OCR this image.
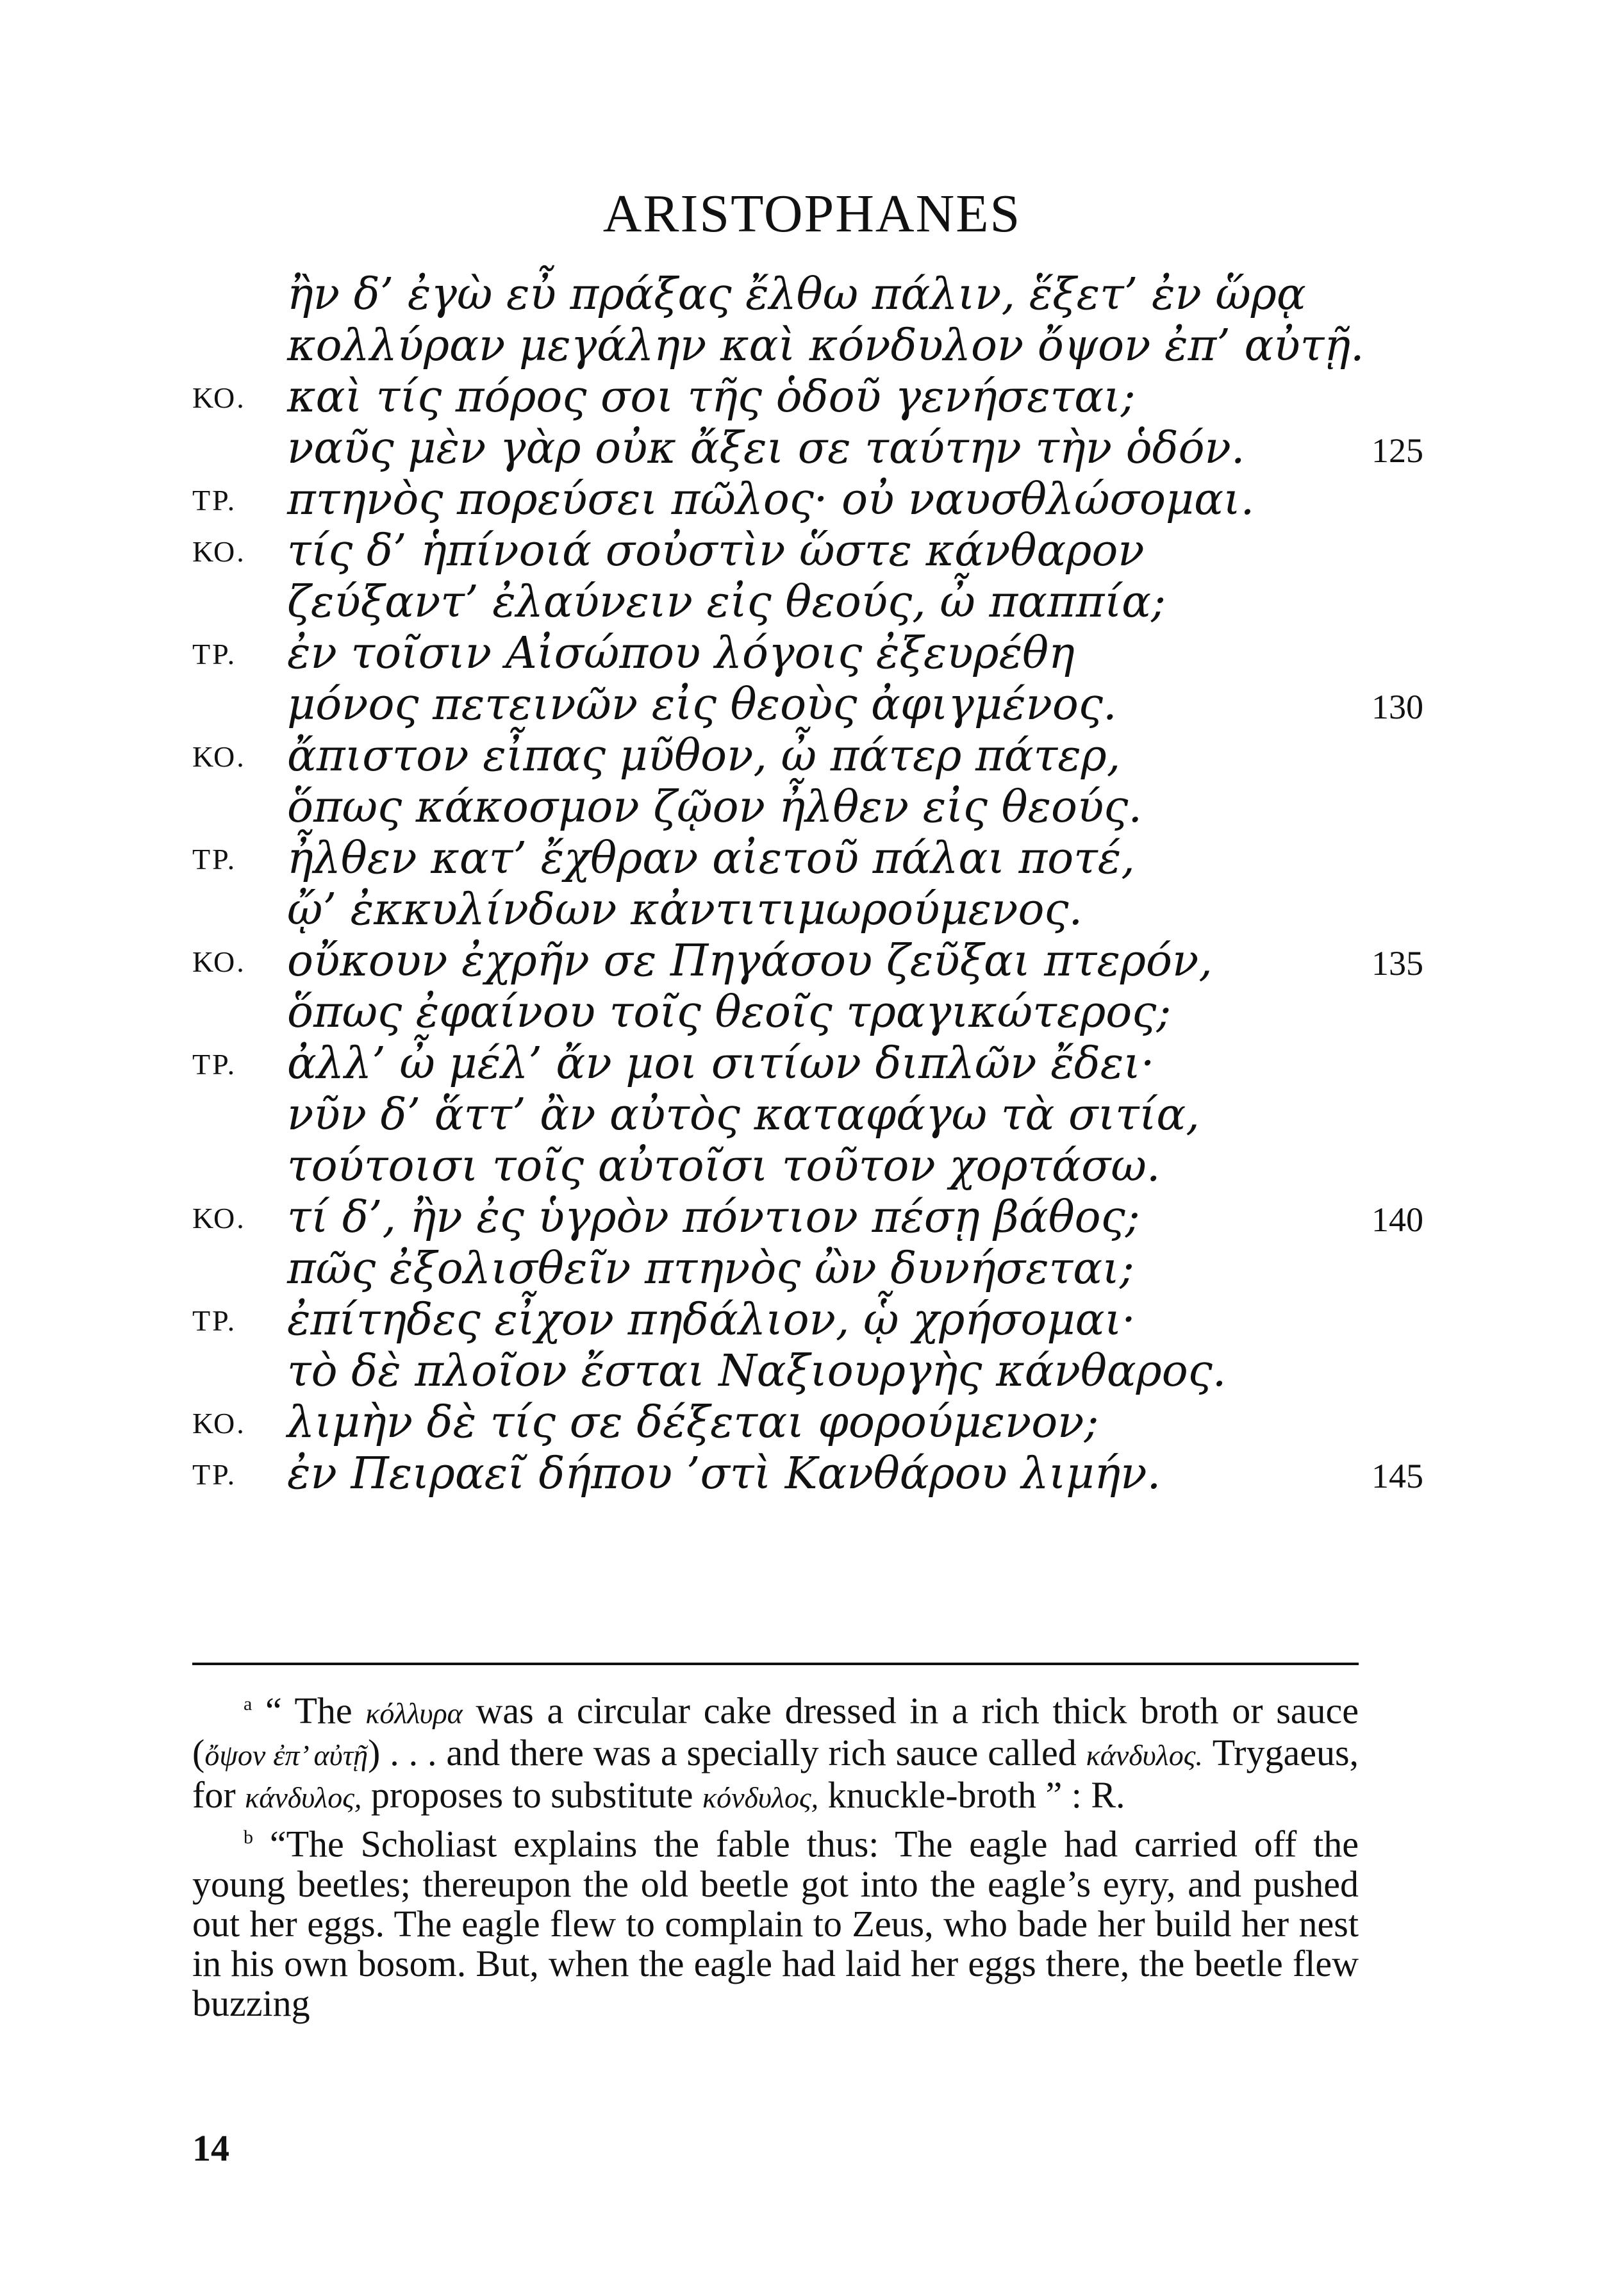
ARISTOPHANES
ἢν δ’ ἐγὼ εὖ πράξας ἔλθω πάλιν, ἕξετ’ ἐν ὥρᾳ
κολλύραν μεγάλην καὶ κόνδυλον ὄψον ἐπ’ αὐτῇ.
ΚΟ. καὶ τίς πόρος σοι τῆς ὁδοῦ γενήσεται;
ναῦς μὲν γὰρ οὐκ ἄξει σε ταύτην τὴν ὁδόν.	125
ΤΡ. πτηνὸς πορεύσει πῶλος· οὐ ναυσθλώσομαι.
ΚΟ. τίς δ’ ἡπίνοιά σοὐστὶν ὥστε κάνθαρον
ζεύξαντ’ ἐλαύνειν εἰς θεούς, ὦ παππία;
ΤΡ. ἐν τοῖσιν Αἰσώπου λόγοις ἐξευρέθη
μόνος πετεινῶν εἰς θεοὺς ἀφιγμένος.	130
ΚΟ. ἄπιστον εἶπας μῦθον, ὦ πάτερ πάτερ,
ὅπως κάκοσμον ζῷον ἦλθεν εἰς θεούς.
ΤΡ. ἦλθεν κατ’ ἔχθραν αἰετοῦ πάλαι ποτέ,
ᾤ’ ἐκκυλίνδων κἀντιτιμωρούμενος.
ΚΟ. οὔκουν ἐχρῆν σε Πηγάσου ζεῦξαι πτερόν,	135
ὅπως ἐφαίνου τοῖς θεοῖς τραγικώτερος;
ΤΡ. ἀλλ’ ὦ μέλ’ ἄν μοι σιτίων διπλῶν ἔδει·
νῦν δ’ ἅττ’ ἂν αὐτὸς καταφάγω τὰ σιτία,
τούτοισι τοῖς αὐτοῖσι τοῦτον χορτάσω.
ΚΟ. τί δ’, ἢν ἐς ὑγρὸν πόντιον πέσῃ βάθος;	140
πῶς ἐξολισθεῖν πτηνὸς ὢν δυνήσεται;
ΤΡ. ἐπίτηδες εἶχον πηδάλιον, ᾧ χρήσομαι·
τὸ δὲ πλοῖον ἔσται Ναξιουργὴς κάνθαρος.
ΚΟ. λιμὴν δὲ τίς σε δέξεται φορούμενον;
ΤΡ. ἐν Πειραεῖ δήπου ’στὶ Κανθάρου λιμήν.	145

$^a$ “ The κόλλυρα was a circular cake dressed in a rich thick broth or sauce (ὄψον ἐπ’ αὐτῇ) . . . and there was a specially rich sauce called κάνδυλος. Trygaeus, for κάνδυλος, proposes to substitute κόνδυλος, knuckle-broth ” : R.

$^b$ “The Scholiast explains the fable thus: The eagle had carried off the young beetles; thereupon the old beetle got into the eagle’s eyry, and pushed out her eggs. The eagle flew to complain to Zeus, who bade her build her nest in his own bosom. But, when the eagle had laid her eggs there, the beetle flew buzzing

14
